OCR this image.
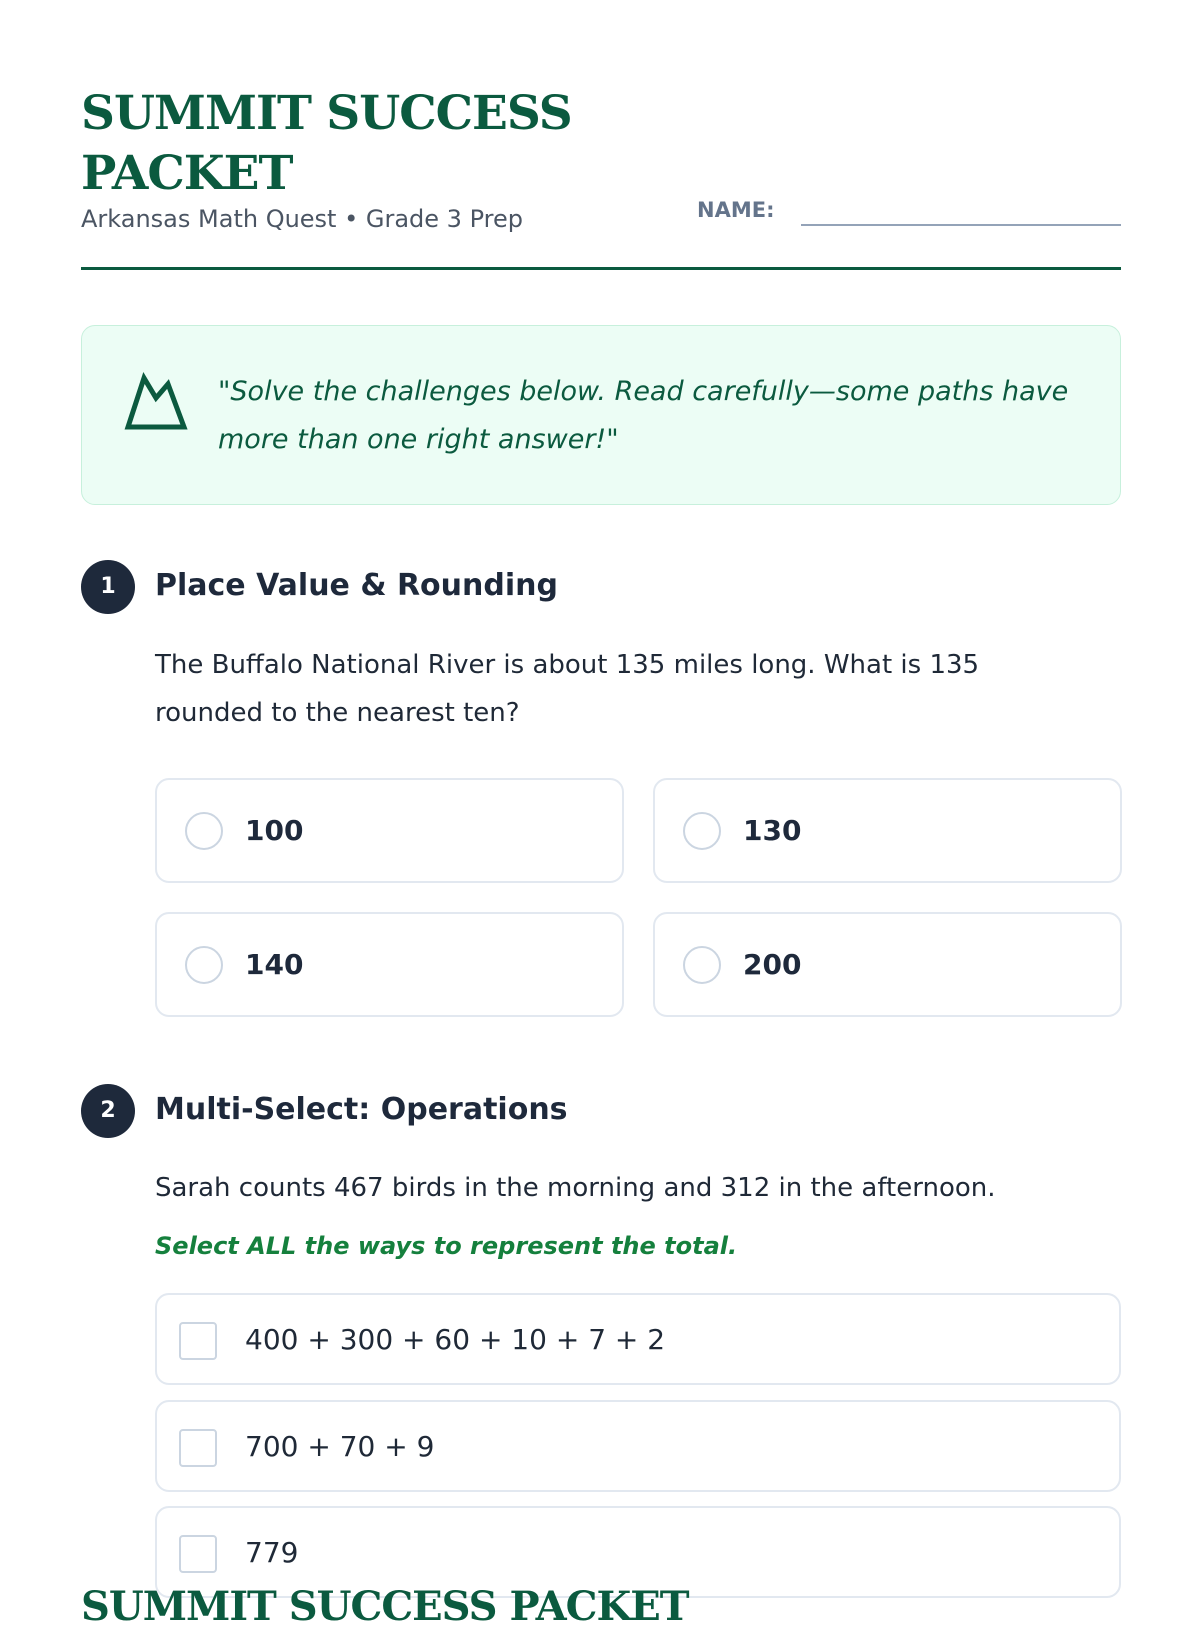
SUMMIT SUCCESS PACKET
Arkansas Math Quest • Grade 3 Prep	NAME:
"Solve the challenges below. Read carefully—some paths have more than one right answer!"
1	Place Value & Rounding
The Buffalo National River is about 135 miles long. What is 135 rounded to the nearest ten?
100	130
140	200
2	Multi-Select: Operations
Sarah counts 467 birds in the morning and 312 in the afternoon.
Select ALL the ways to represent the total.
400 + 300 + 60 + 10 + 7 + 2
700 + 70 + 9
779
SUMMIT SUCCESS PACKET
